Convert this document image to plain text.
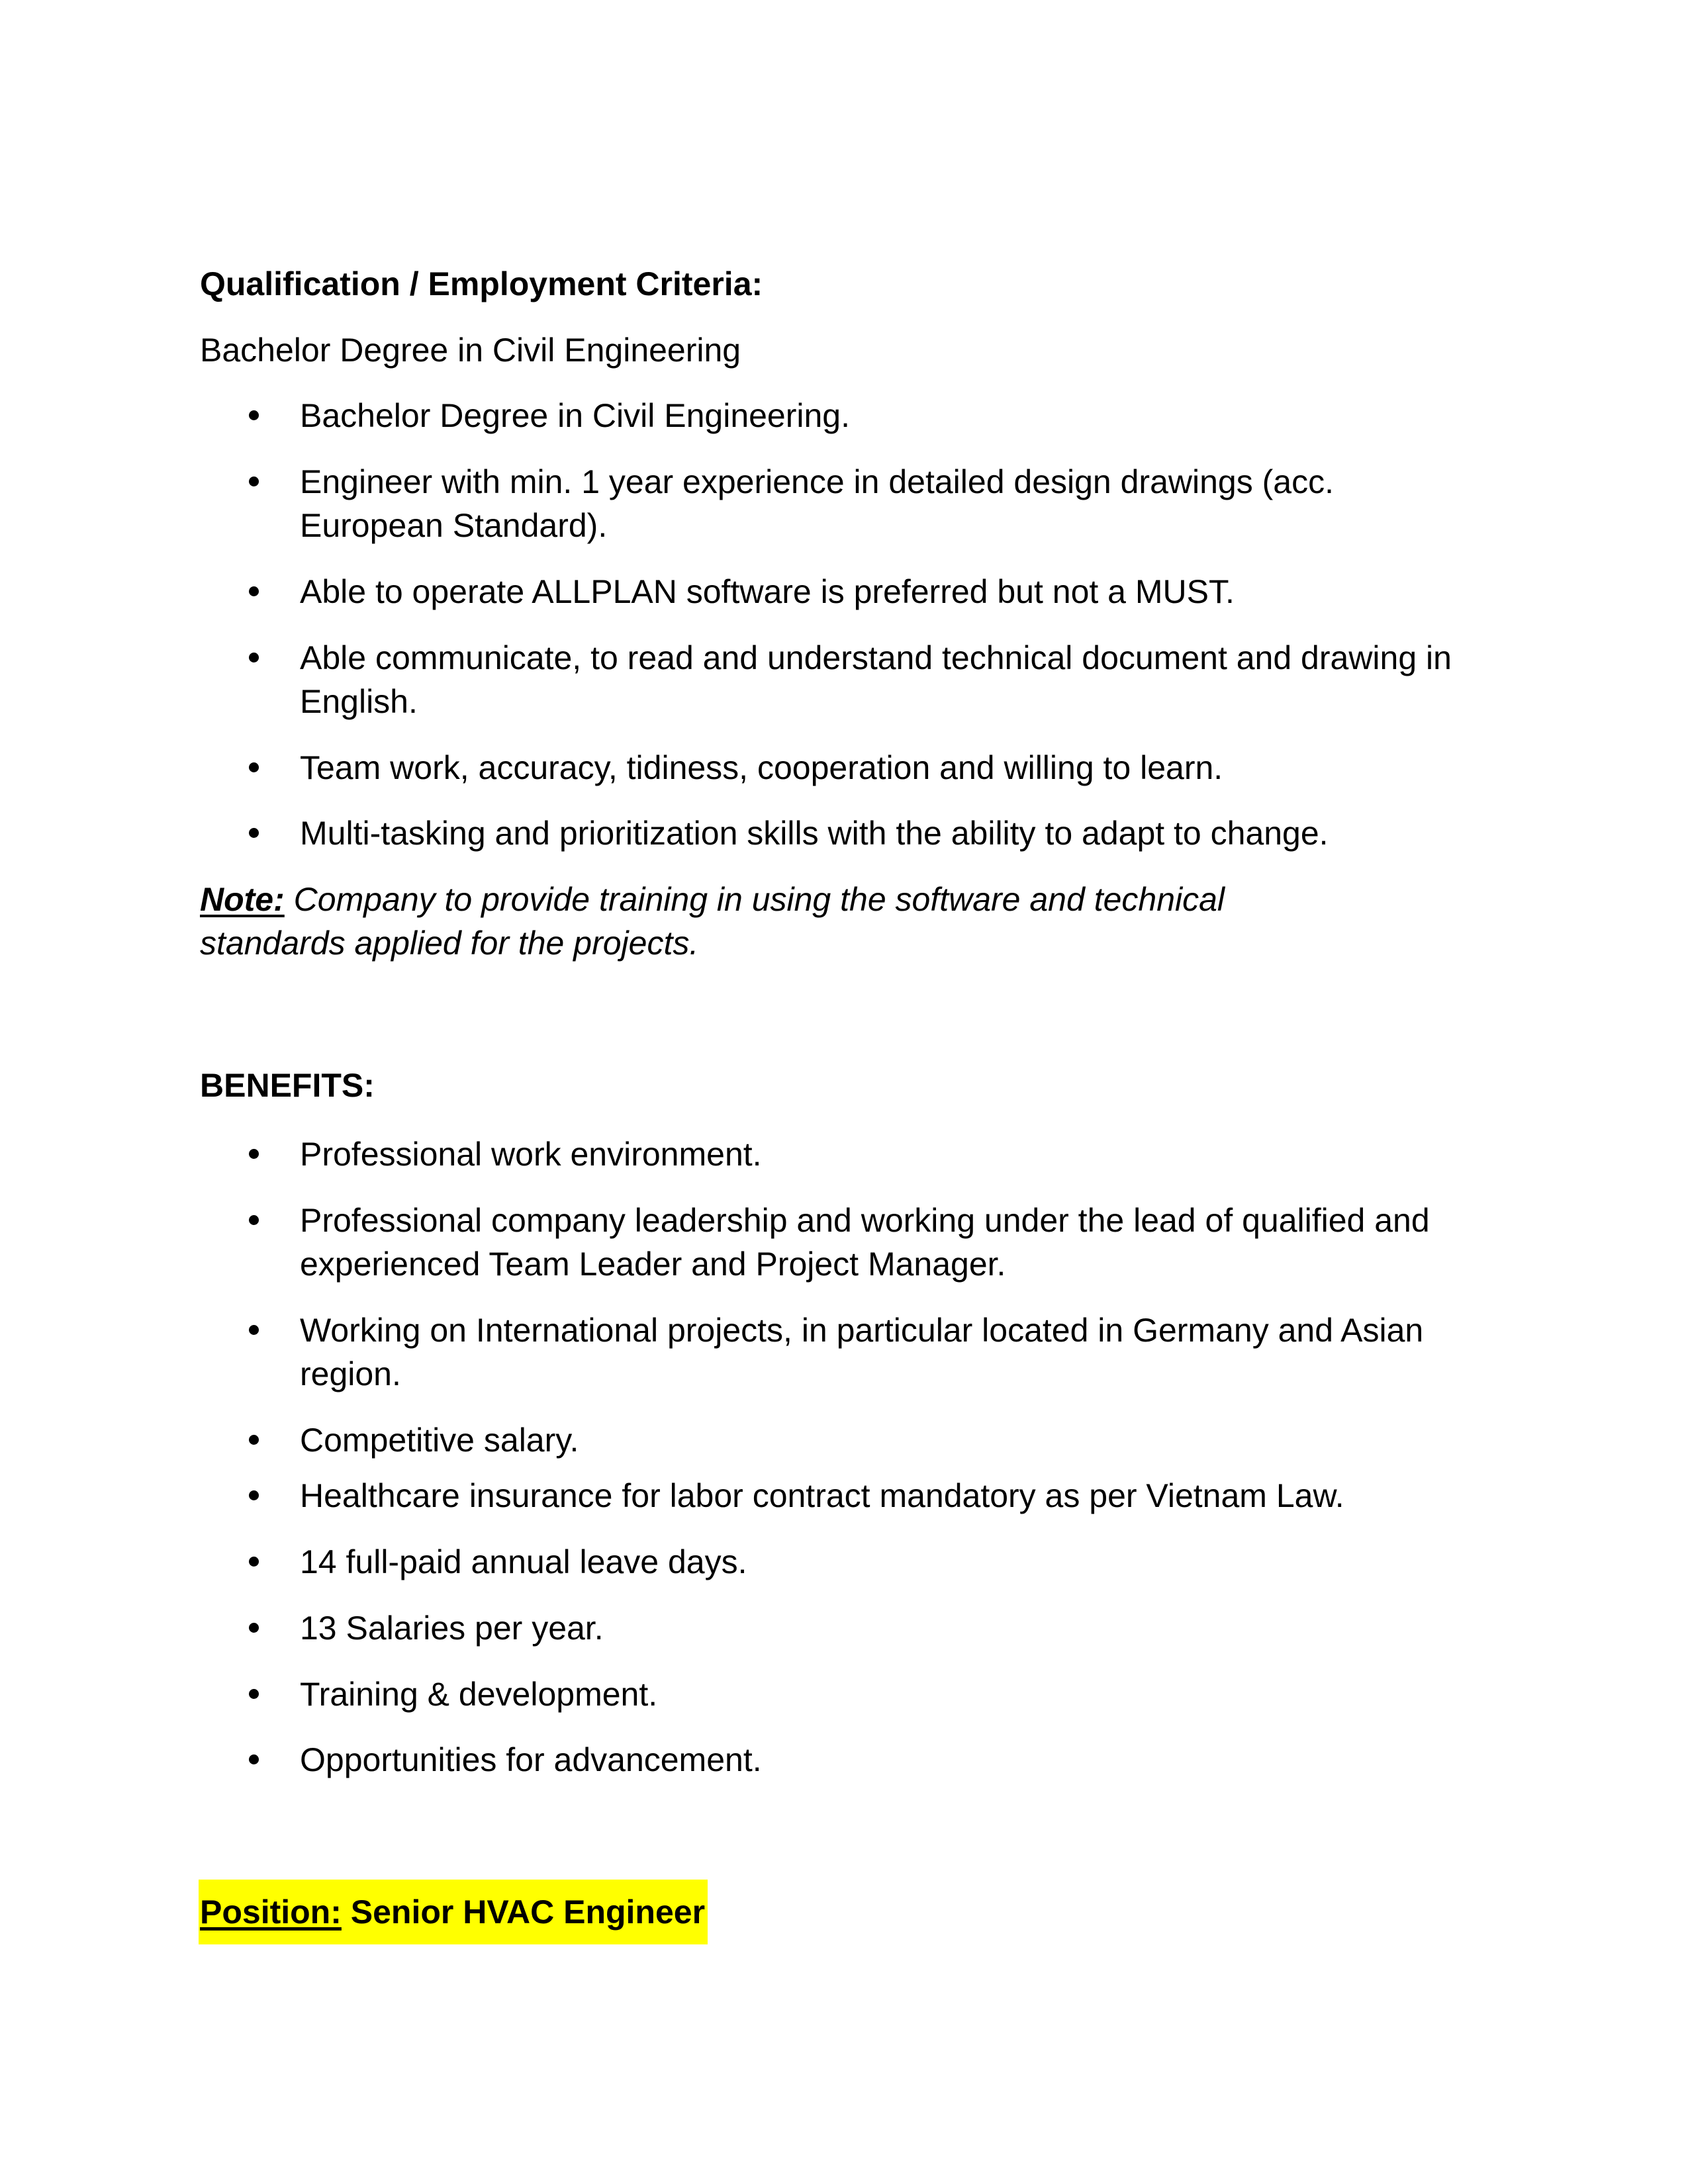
Qualification / Employment Criteria:
Bachelor Degree in Civil Engineering
Bachelor Degree in Civil Engineering.
Engineer with min. 1 year experience in detailed design drawings (acc. European Standard).
Able to operate ALLPLAN software is preferred but not a MUST.
Able communicate, to read and understand technical document and drawing in English.
Team work, accuracy, tidiness, cooperation and willing to learn.
Multi-tasking and prioritization skills with the ability to adapt to change.
Note: Company to provide training in using the software and technical standards applied for the projects.
BENEFITS:
Professional work environment.
Professional company leadership and working under the lead of qualified and experienced Team Leader and Project Manager.
Working on International projects, in particular located in Germany and Asian region.
Competitive salary.
Healthcare insurance for labor contract mandatory as per Vietnam Law.
14 full-paid annual leave days.
13 Salaries per year.
Training & development.
Opportunities for advancement.
Position: Senior HVAC Engineer
